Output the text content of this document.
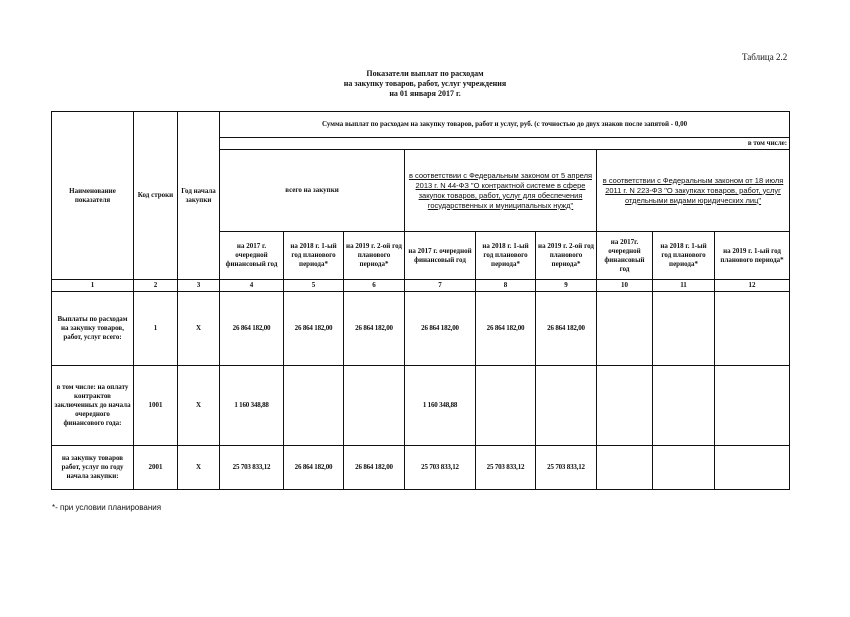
Таблица 2.2
Показатели выплат по расходам
на закупку товаров, работ, услуг учреждения
на 01 января 2017 г.
Наименование показателя	Код строки	Год начала закупки	Сумма выплат по расходам на закупку товаров, работ и услуг, руб. (с точностью до двух знаков после запятой - 0,00								
									в том числе:		
			всего на закупки			в соответствии с Федеральным законом от 5 апреля 2013 г. N 44-ФЗ "О контрактной системе в сфере закупок товаров, работ, услуг для обеспечения государственных и муниципальных нужд"			в соответствии с Федеральным законом от 18 июля 2011 г. N 223-ФЗ "О закупках товаров, работ, услуг отдельными видами юридических лиц"		
			на 2017 г. очередной финансовый год	на 2018 г. 1-ый год планового периода*	на 2019 г. 2-ой год планового периода*	на 2017 г. очередной финансовый год	на 2018 г. 1-ый год планового периода*	на 2019 г. 2-ой год планового периода*	на 2017г. очередной финансовый год	на 2018 г. 1-ый год планового периода*	на 2019 г. 1-ый год планового периода*
1	2	3	4	5	6	7	8	9	10	11	12
Выплаты по расходам на закупку товаров, работ, услуг всего:	1	X	26 864 182,00	26 864 182,00	26 864 182,00	26 864 182,00	26 864 182,00	26 864 182,00			
в том числе: на оплату контрактов заключенных до начала очередного финансового года:	1001	X	1 160 348,88			1 160 348,88					
на закупку товаров работ, услуг по году начала закупки:	2001	X	25 703 833,12	26 864 182,00	26 864 182,00	25 703 833,12	25 703 833,12	25 703 833,12			
*- при условии планирования
